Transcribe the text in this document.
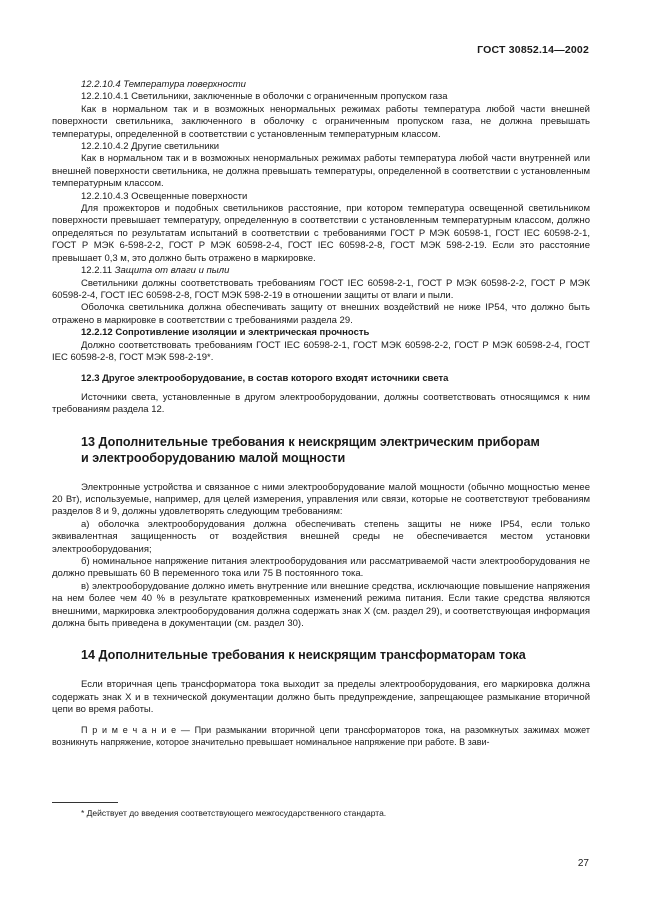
ГОСТ 30852.14—2002

12.2.10.4 Температура поверхности

12.2.10.4.1 Светильники, заключенные в оболочки с ограниченным пропуском газа

Как в нормальном так и в возможных ненормальных режимах работы температура любой части внешней поверхности светильника, заключенного в оболочку с ограниченным пропуском газа, не должна превышать температуры, определенной в соответствии с установленным температурным классом.

12.2.10.4.2 Другие светильники

Как в нормальном так и в возможных ненормальных режимах работы температура любой части внутренней или внешней поверхности светильника, не должна превышать температуры, определенной в соответствии с установленным температурным классом.

12.2.10.4.3 Освещенные поверхности

Для прожекторов и подобных светильников расстояние, при котором температура освещенной светильником поверхности превышает температуру, определенную в соответствии с установленным температурным классом, должно определяться по результатам испытаний в соответствии с требованиями ГОСТ Р МЭК 60598-1, ГОСТ IEC 60598-2-1, ГОСТ Р МЭК 6-598-2-2, ГОСТ Р МЭК 60598-2-4, ГОСТ IEC 60598-2-8, ГОСТ МЭК 598-2-19. Если это расстояние превышает 0,3 м, это должно быть отражено в маркировке.

12.2.11 Защита от влаги и пыли

Светильники должны соответствовать требованиям ГОСТ IEC 60598-2-1, ГОСТ Р МЭК 60598-2-2, ГОСТ Р МЭК 60598-2-4, ГОСТ IEC 60598-2-8, ГОСТ МЭК 598-2-19 в отношении защиты от влаги и пыли.

Оболочка светильника должна обеспечивать защиту от внешних воздействий не ниже IP54, что должно быть отражено в маркировке в соответствии с требованиями раздела 29.

12.2.12 Сопротивление изоляции и электрическая прочность

Должно соответствовать требованиям ГОСТ IEC 60598-2-1, ГОСТ МЭК 60598-2-2, ГОСТ Р МЭК 60598-2-4, ГОСТ IEC 60598-2-8, ГОСТ МЭК 598-2-19*.

12.3 Другое электрооборудование, в состав которого входят источники света

Источники света, установленные в другом электрооборудовании, должны соответствовать относящимся к ним требованиям раздела 12.

13 Дополнительные требования к неискрящим электрическим приборам
и электрооборудованию малой мощности

Электронные устройства и связанное с ними электрооборудование малой мощности (обычно мощностью менее 20 Вт), используемые, например, для целей измерения, управления или связи, которые не соответствуют требованиям разделов 8 и 9, должны удовлетворять следующим требованиям:

а) оболочка электрооборудования должна обеспечивать степень защиты не ниже IP54, если только эквивалентная защищенность от воздействия внешней среды не обеспечивается местом установки электрооборудования;

б) номинальное напряжение питания электрооборудования или рассматриваемой части электрооборудования не должно превышать 60 В переменного тока или 75 В постоянного тока.

в) электрооборудование должно иметь внутренние или внешние средства, исключающие повышение напряжения на нем более чем 40 % в результате кратковременных изменений режима питания. Если такие средства являются внешними, маркировка электрооборудования должна содержать знак X (см. раздел 29), и соответствующая информация должна быть приведена в документации (см. раздел 30).

14 Дополнительные требования к неискрящим трансформаторам тока

Если вторичная цепь трансформатора тока выходит за пределы электрооборудования, его маркировка должна содержать знак X и в технической документации должно быть предупреждение, запрещающее размыкание вторичной цепи во время работы.

П р и м е ч а н и е — При размыкании вторичной цепи трансформаторов тока, на разомкнутых зажимах может возникнуть напряжение, которое значительно превышает номинальное напряжение при работе. В зави-

* Действует до введения соответствующего межгосударственного стандарта.
27
